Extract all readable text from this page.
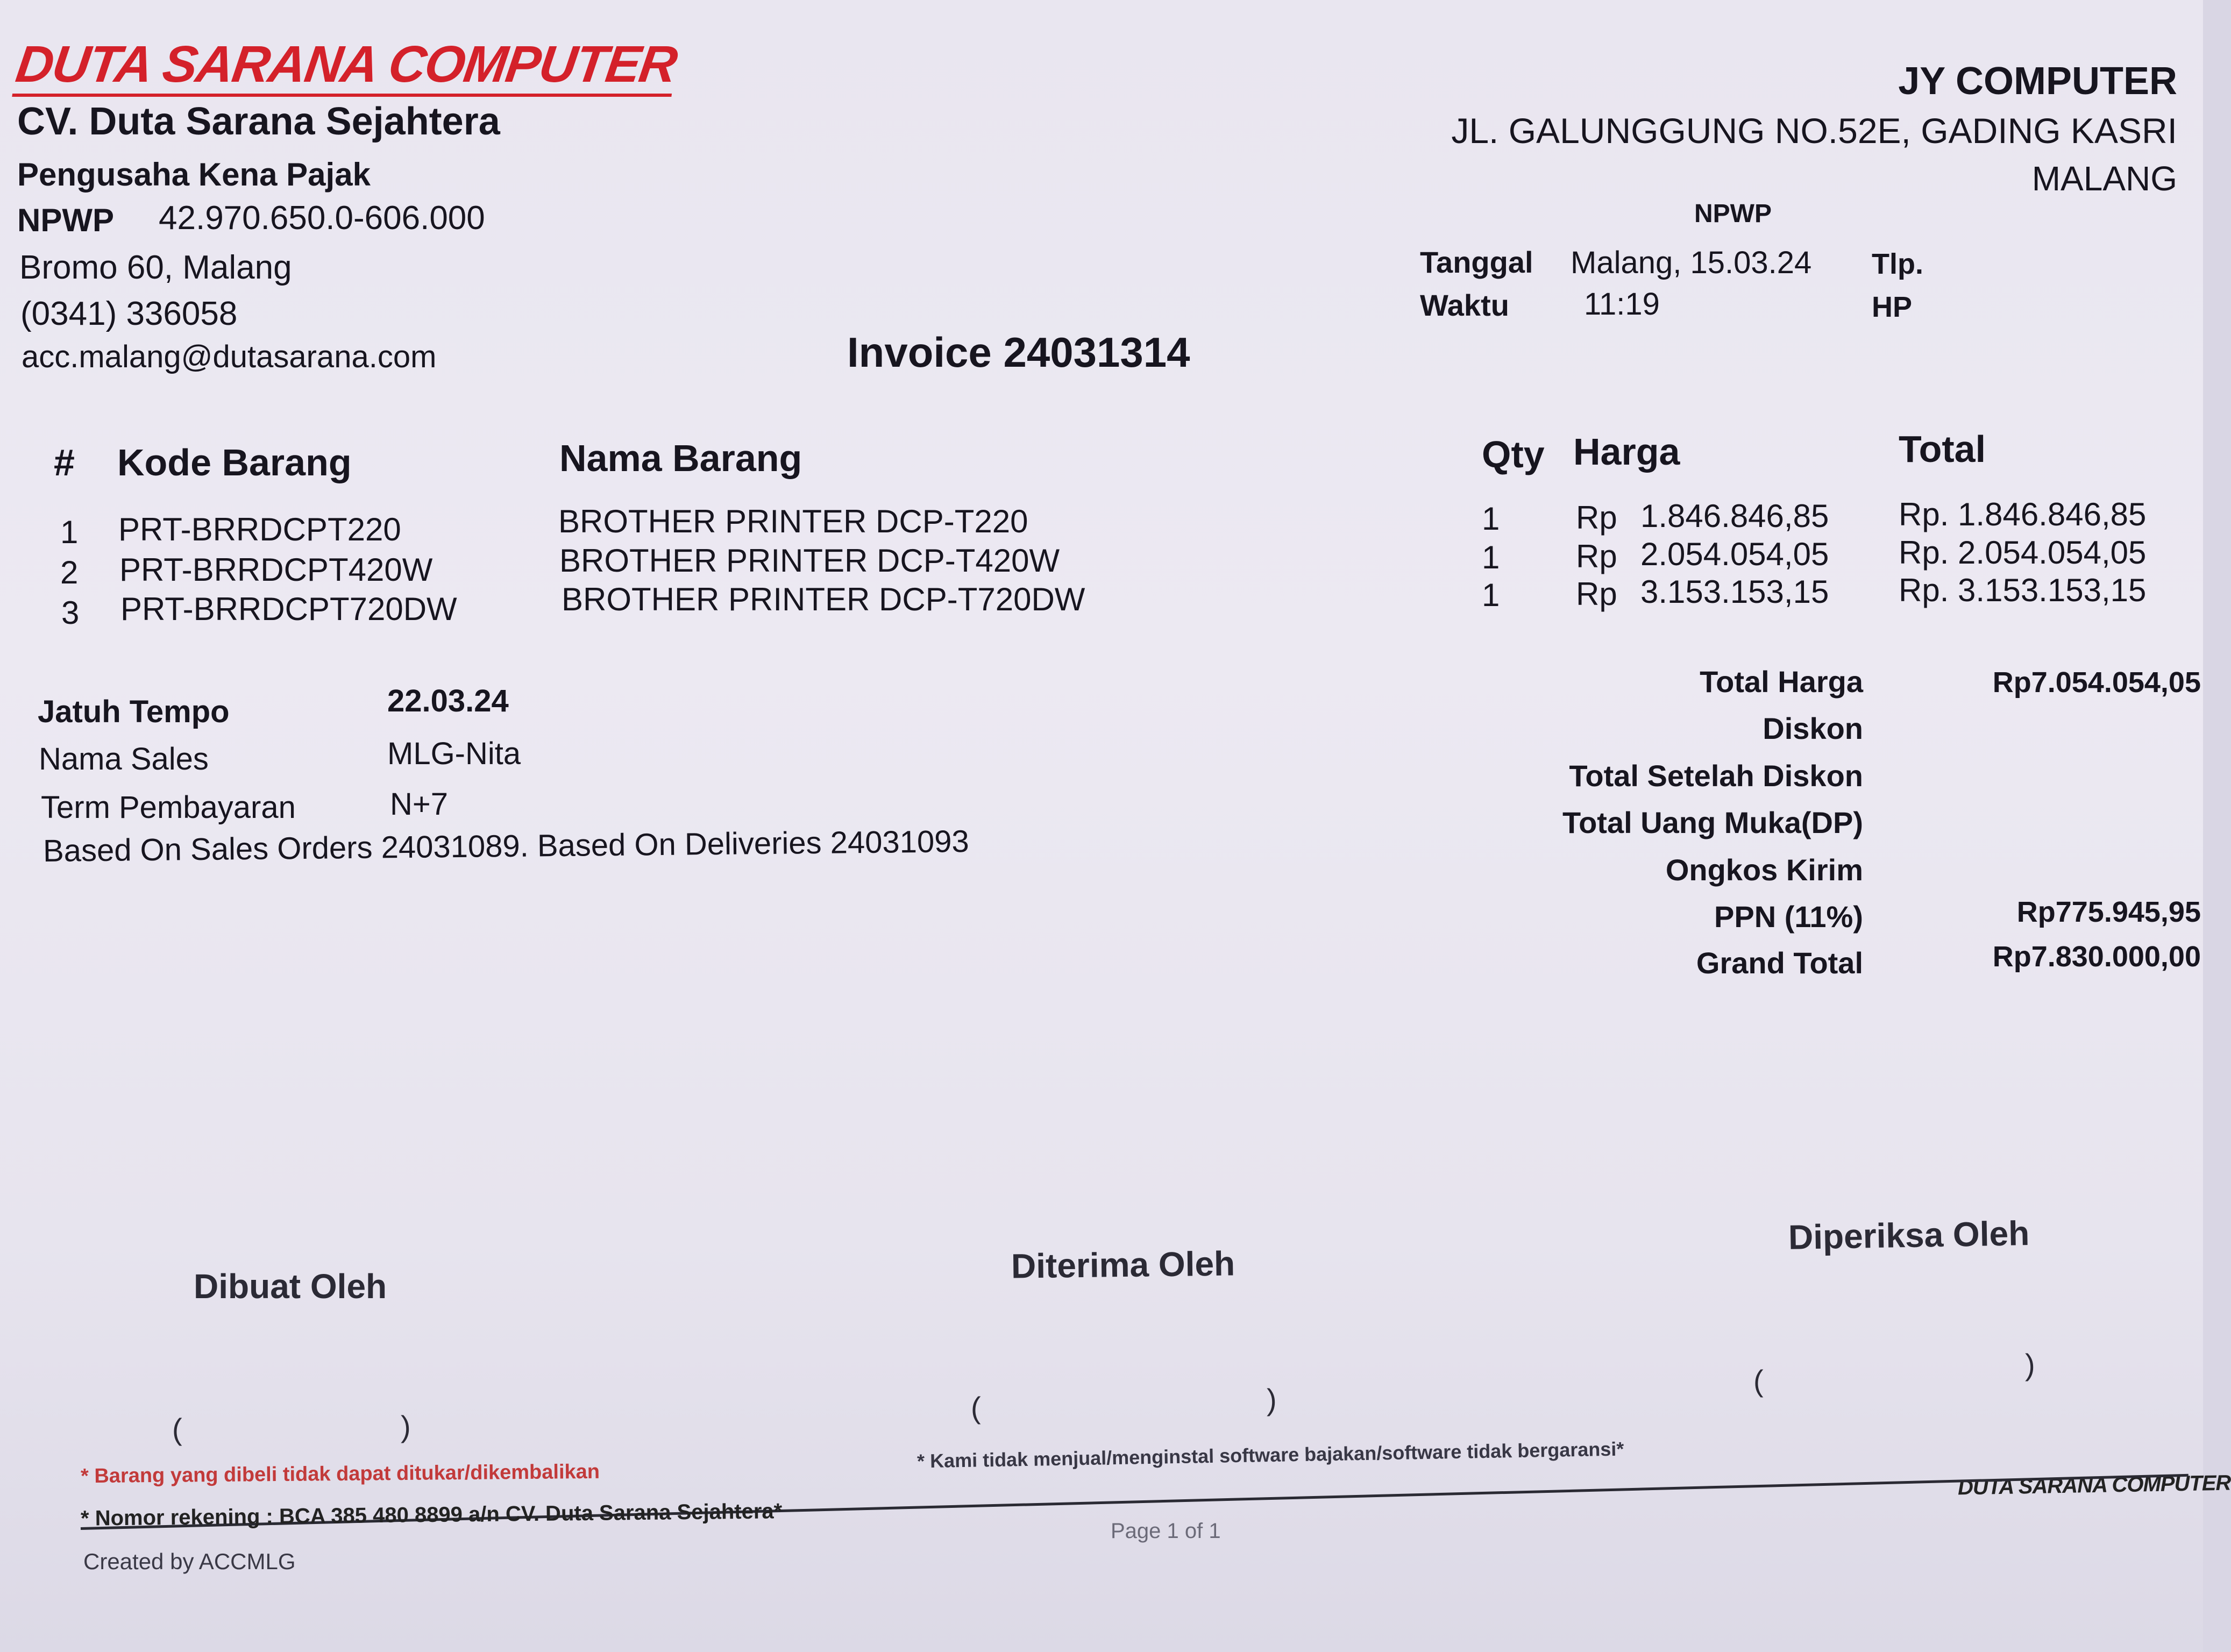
DUTA SARANA COMPUTER
CV. Duta Sarana Sejahtera
Pengusaha Kena Pajak
NPWP 42.970.650.0-606.000
Bromo 60, Malang
(0341) 336058
acc.malang@dutasarana.com
JY COMPUTER
JL. GALUNGGUNG NO.52E, GADING KASRI
MALANG
NPWP
Tanggal Malang, 15.03.24 Tlp.
Waktu 11:19	HP
Invoice 24031314
# Kode Barang	Nama Barang	Qty Harga	Total
1 PRT-BRRDCPT220	BROTHER PRINTER DCP-T220	1 Rp 1.846.846,85 Rp. 1.846.846,85
2 PRT-BRRDCPT420W	BROTHER PRINTER DCP-T420W	1 Rp 2.054.054,05 Rp. 2.054.054,05
3 PRT-BRRDCPT720DW	BROTHER PRINTER DCP-T720DW	1 Rp 3.153.153,15 Rp. 3.153.153,15
Jatuh Tempo	22.03.24
Nama Sales	MLG-Nita
Term Pembayaran	N+7
Based On Sales Orders 24031089. Based On Deliveries 24031093
Total Harga	Rp7.054.054,05
Diskon
Total Setelah Diskon
Total Uang Muka(DP)
Ongkos Kirim
PPN (11%)	Rp775.945,95
Grand Total	Rp7.830.000,00
Dibuat Oleh
Diterima Oleh
Diperiksa Oleh
(	)
(	)
(	)
* Kami tidak menjual/menginstal software bajakan/software tidak bergaransi*
* Barang yang dibeli tidak dapat ditukar/dikembalikan	DUTA SARANA COMPUTER
* Nomor rekening : BCA 385 480 8899 a/n CV. Duta Sarana Sejahtera*
Page 1 of 1
Created by ACCMLG
